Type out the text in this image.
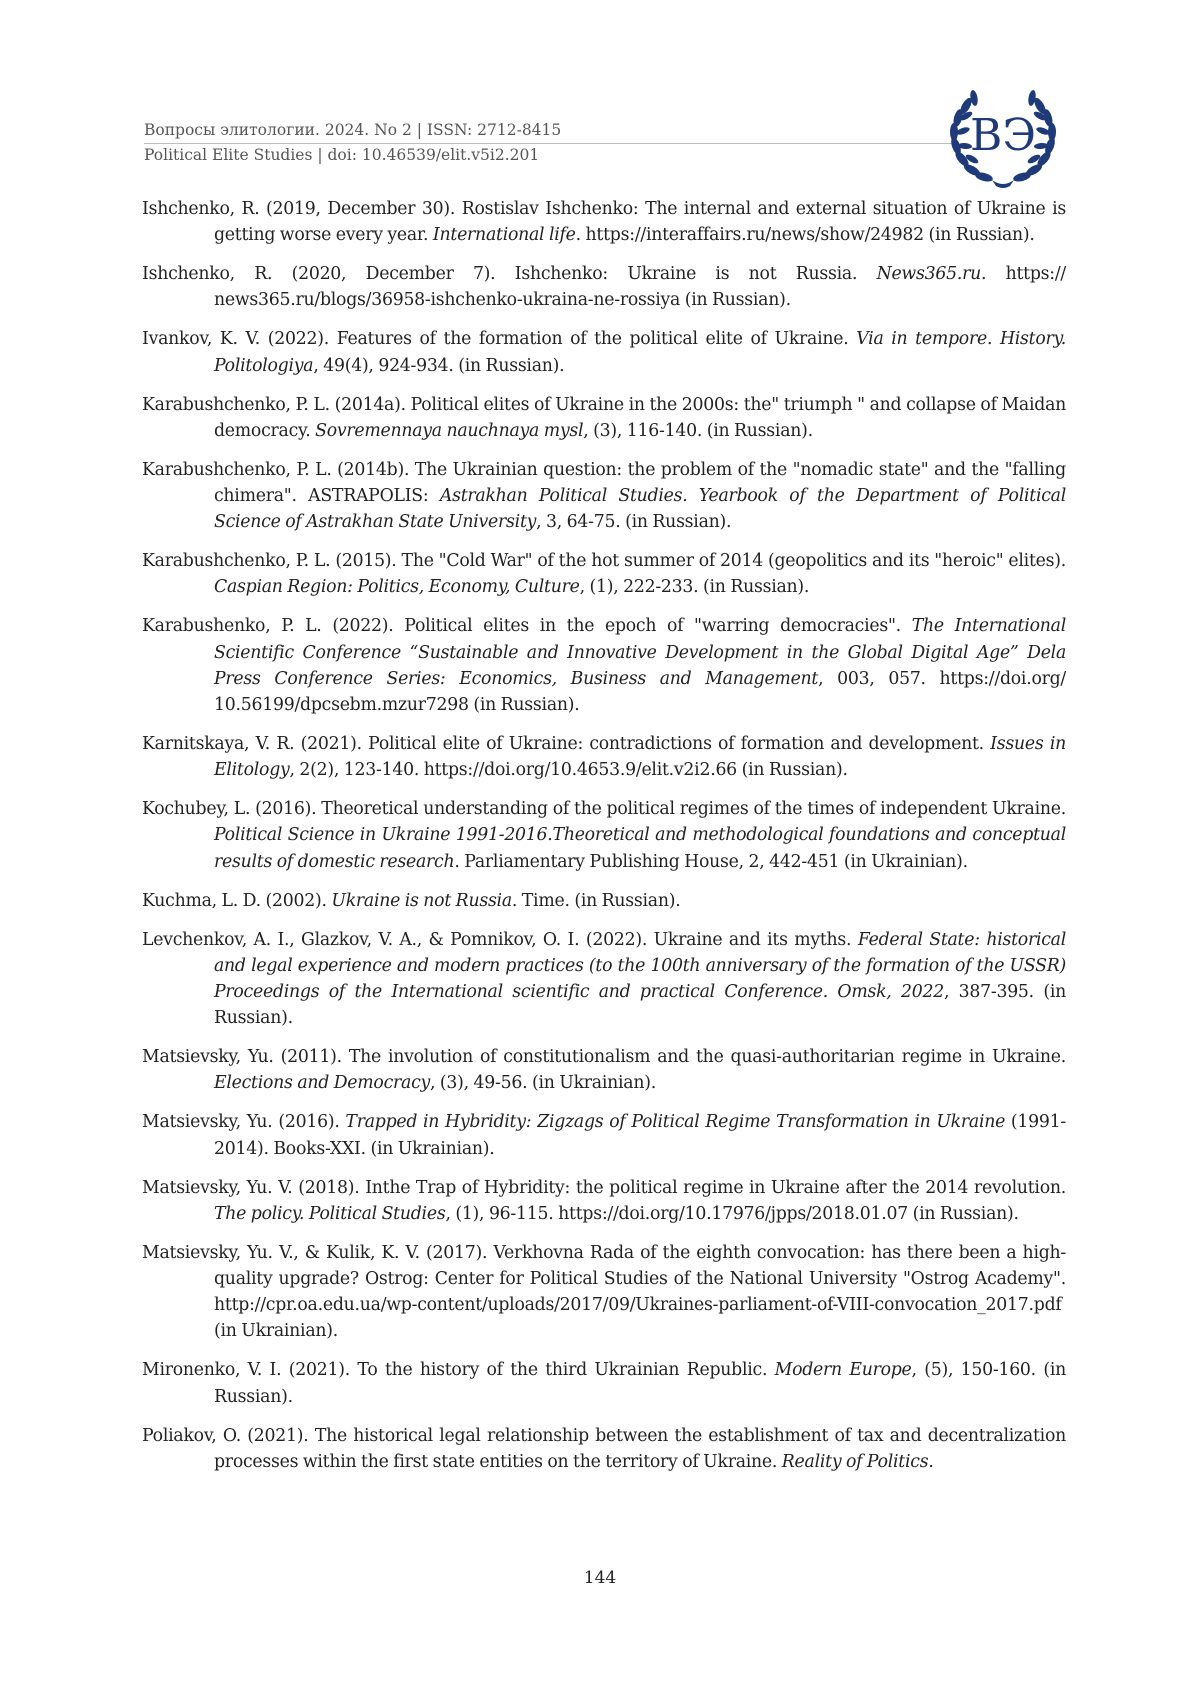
Вопросы элитологии. 2024. No 2 | ISSN: 2712-8415
Political Elite Studies | doi: 10.46539/elit.v5i2.201	ВЭ

Ishchenko, R. (2019, December 30). Rostislav Ishchenko: The internal and external situation of Ukraine is getting worse every year. International life. https://interaffairs.ru/news/show/24982 (in Russian).

Ishchenko, R. (2020, December 7). Ishchenko: Ukraine is not Russia. News365.ru. https:// news365.ru/blogs/36958-ishchenko-ukraina-ne-rossiya (in Russian).

Ivankov, K. V. (2022). Features of the formation of the political elite of Ukraine. Via in tempore. History. Politologiya, 49(4), 924-934. (in Russian).

Karabushchenko, P. L. (2014a). Political elites of Ukraine in the 2000s: the" triumph " and collapse of Maidan democracy. Sovremennaya nauchnaya mysl, (3), 116-140. (in Russian).

Karabushchenko, P. L. (2014b). The Ukrainian question: the problem of the "nomadic state" and the "falling chimera". ASTRAPOLIS: Astrakhan Political Studies. Yearbook of the Department of Political Science of Astrakhan State University, 3, 64-75. (in Russian).

Karabushchenko, P. L. (2015). The "Cold War" of the hot summer of 2014 (geopolitics and its "heroic" elites). Caspian Region: Politics, Economy, Culture, (1), 222-233. (in Russian).

Karabushenko, P. L. (2022). Political elites in the epoch of "warring democracies". The International Scientific Conference “Sustainable and Innovative Development in the Global Digital Age” Dela Press Conference Series: Economics, Business and Management, 003, 057. https://doi.org/ 10.56199/dpcsebm.mzur7298 (in Russian).

Karnitskaya, V. R. (2021). Political elite of Ukraine: contradictions of formation and development. Issues in Elitology, 2(2), 123-140. https://doi.org/10.4653.9/elit.v2i2.66 (in Russian).

Kochubey, L. (2016). Theoretical understanding of the political regimes of the times of independent Ukraine. Political Science in Ukraine 1991-2016.Theoretical and methodological foundations and conceptual results of domestic research. Parliamentary Publishing House, 2, 442-451 (in Ukrainian).

Kuchma, L. D. (2002). Ukraine is not Russia. Time. (in Russian).

Levchenkov, A. I., Glazkov, V. A., & Pomnikov, O. I. (2022). Ukraine and its myths. Federal State: historical and legal experience and modern practices (to the 100th anniversary of the formation of the USSR) Proceedings of the International scientific and practical Conference. Omsk, 2022, 387-395. (in Russian).

Matsievsky, Yu. (2011). The involution of constitutionalism and the quasi-authoritarian regime in Ukraine. Elections and Democracy, (3), 49-56. (in Ukrainian).

Matsievsky, Yu. (2016). Trapped in Hybridity: Zigzags of Political Regime Transformation in Ukraine (1991-2014). Books-XXI. (in Ukrainian).

Matsievsky, Yu. V. (2018). Inthe Trap of Hybridity: the political regime in Ukraine after the 2014 revolution. The policy. Political Studies, (1), 96-115. https://doi.org/10.17976/jpps/2018.01.07 (in Russian).

Matsievsky, Yu. V., & Kulik, K. V. (2017). Verkhovna Rada of the eighth convocation: has there been a high-quality upgrade? Ostrog: Center for Political Studies of the National University "Ostrog Academy". http://cpr.oa.edu.ua/wp-content/uploads/2017/09/Ukraines-parliament-of-VIII-convocation_2017.pdf (in Ukrainian).

Mironenko, V. I. (2021). To the history of the third Ukrainian Republic. Modern Europe, (5), 150-160. (in Russian).

Poliakov, O. (2021). The historical legal relationship between the establishment of tax and decentralization processes within the first state entities on the territory of Ukraine. Reality of Politics.

144
